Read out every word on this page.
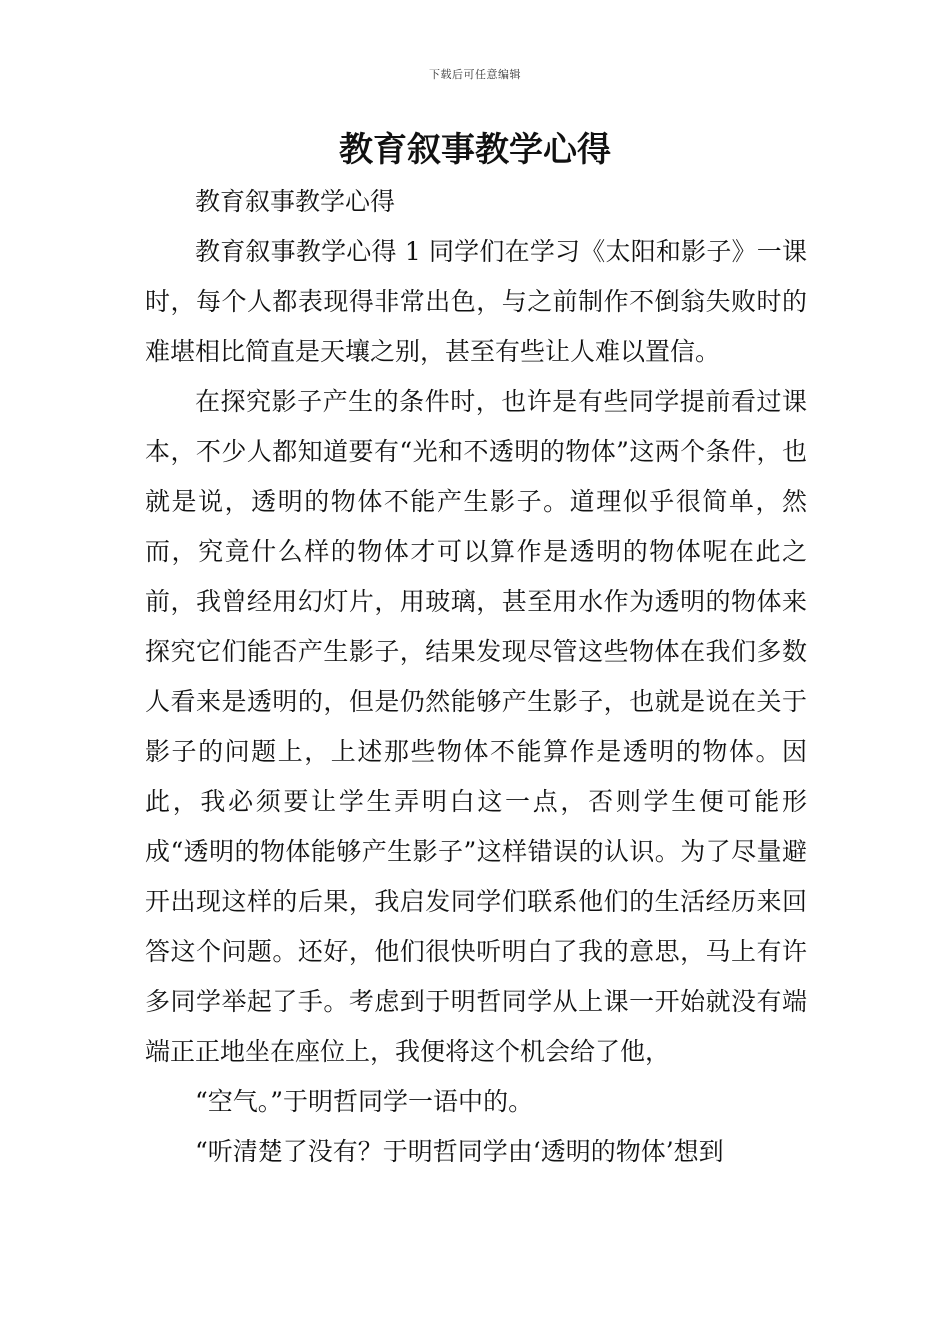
下载后可任意编辑
教育叙事教学心得

教育叙事教学心得

教育叙事教学心得 1 同学们在学习《太阳和影子》一课时，每个人都表现得非常出色，与之前制作不倒翁失败时的难堪相比简直是天壤之别，甚至有些让人难以置信。

在探究影子产生的条件时，也许是有些同学提前看过课本，不少人都知道要有“光和不透明的物体”这两个条件，也就是说，透明的物体不能产生影子。道理似乎很简单，然而，究竟什么样的物体才可以算作是透明的物体呢在此之前，我曾经用幻灯片，用玻璃，甚至用水作为透明的物体来探究它们能否产生影子，结果发现尽管这些物体在我们多数人看来是透明的，但是仍然能够产生影子，也就是说在关于影子的问题上，上述那些物体不能算作是透明的物体。因此，我必须要让学生弄明白这一点，否则学生便可能形成“透明的物体能够产生影子”这样错误的认识。为了尽量避开出现这样的后果，我启发同学们联系他们的生活经历来回答这个问题。还好，他们很快听明白了我的意思，马上有许多同学举起了手。考虑到于明哲同学从上课一开始就没有端端正正地坐在座位上，我便将这个机会给了他，

“空气。”于明哲同学一语中的。

“听清楚了没有？于明哲同学由‘透明的物体’想到
